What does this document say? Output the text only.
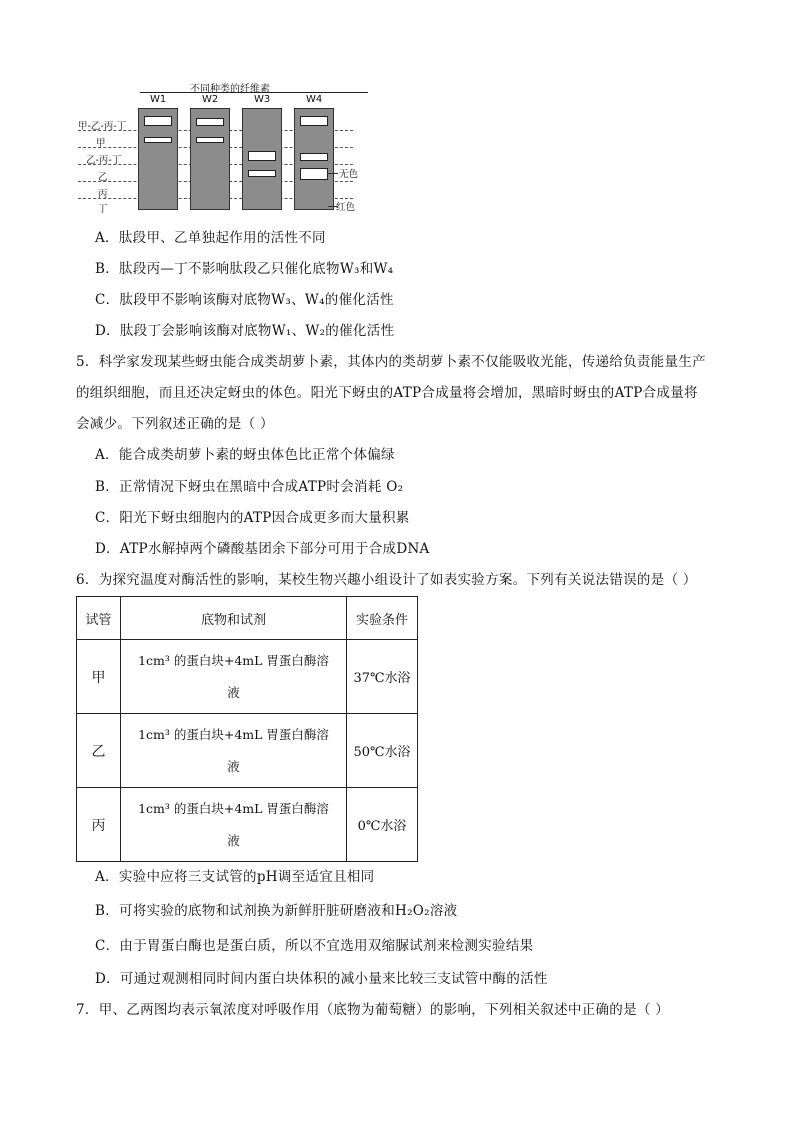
不同种类的纤维素
W1	W2	W3	W4
甲-乙-丙-丁
甲
乙-丙-丁
乙
丙
丁
无色
红色
A．肽段甲、乙单独起作用的活性不同
B．肽段丙—丁不影响肽段乙只催化底物W₃和W₄
C．肽段甲不影响该酶对底物W₃、W₄的催化活性
D．肽段丁会影响该酶对底物W₁、W₂的催化活性
5．科学家发现某些蚜虫能合成类胡萝卜素，其体内的类胡萝卜素不仅能吸收光能，传递给负责能量生产
的组织细胞，而且还决定蚜虫的体色。阳光下蚜虫的ATP合成量将会增加，黑暗时蚜虫的ATP合成量将
会减少。下列叙述正确的是（ ）
A．能合成类胡萝卜素的蚜虫体色比正常个体偏绿
B．正常情况下蚜虫在黑暗中合成ATP时会消耗 O₂
C．阳光下蚜虫细胞内的ATP因合成更多而大量积累
D．ATP水解掉两个磷酸基团余下部分可用于合成DNA
6．为探究温度对酶活性的影响，某校生物兴趣小组设计了如表实验方案。下列有关说法错误的是（ ）
试管	底物和试剂	实验条件
甲	1cm³ 的蛋白块+4mL 胃蛋白酶溶
液	37℃水浴
乙	1cm³ 的蛋白块+4mL 胃蛋白酶溶
液	50℃水浴
丙	1cm³ 的蛋白块+4mL 胃蛋白酶溶
液	0℃水浴
A．实验中应将三支试管的pH调至适宜且相同
B．可将实验的底物和试剂换为新鲜肝脏研磨液和H₂O₂溶液
C．由于胃蛋白酶也是蛋白质，所以不宜选用双缩脲试剂来检测实验结果
D．可通过观测相同时间内蛋白块体积的减小量来比较三支试管中酶的活性
7．甲、乙两图均表示氧浓度对呼吸作用（底物为葡萄糖）的影响，下列相关叙述中正确的是（ ）
